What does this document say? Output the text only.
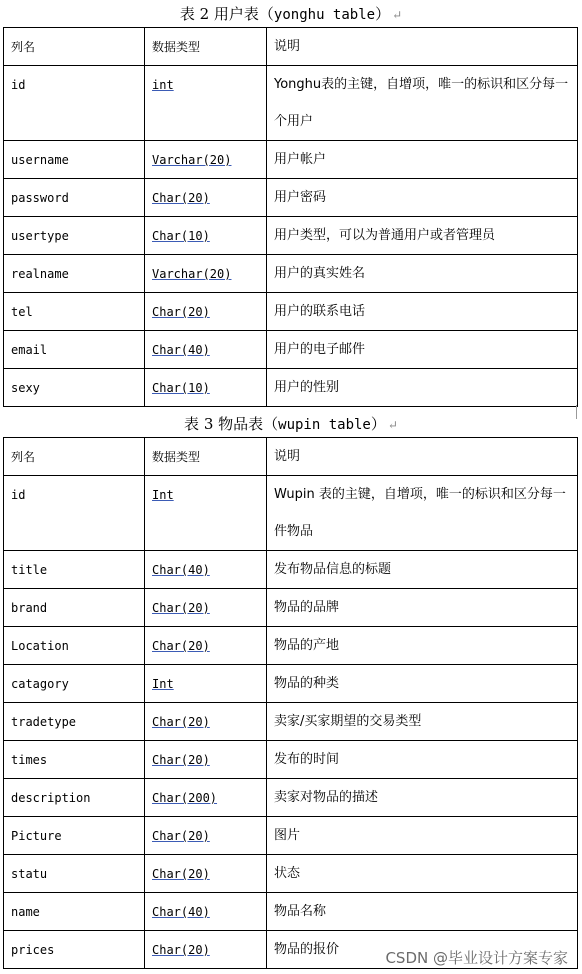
表 2 用户表（yonghu table） ↵
列名	数据类型	说明

id	int	Yonghu表的主键，自增项，唯一的标识和区分每一个用户

username	Varchar(20)	用户帐户

password	Char(20)	用户密码

usertype	Char(10)	用户类型，可以为普通用户或者管理员

realname	Varchar(20)	用户的真实姓名

tel	Char(20)	用户的联系电话

email	Char(40)	用户的电子邮件

sexy	Char(10)	用户的性别
表 3 物品表（wupin table） ↵
列名	数据类型	说明

id	Int	Wupin 表的主键，自增项，唯一的标识和区分每一件物品

title	Char(40)	发布物品信息的标题

brand	Char(20)	物品的品牌

Location	Char(20)	物品的产地

catagory	Int	物品的种类

tradetype	Char(20)	卖家/买家期望的交易类型

times	Char(20)	发布的时间

description	Char(200)	卖家对物品的描述

Picture	Char(20)	图片

statu	Char(20)	状态

name	Char(40)	物品名称

prices	Char(20)	物品的报价	CSDN @毕业设计方案专家
